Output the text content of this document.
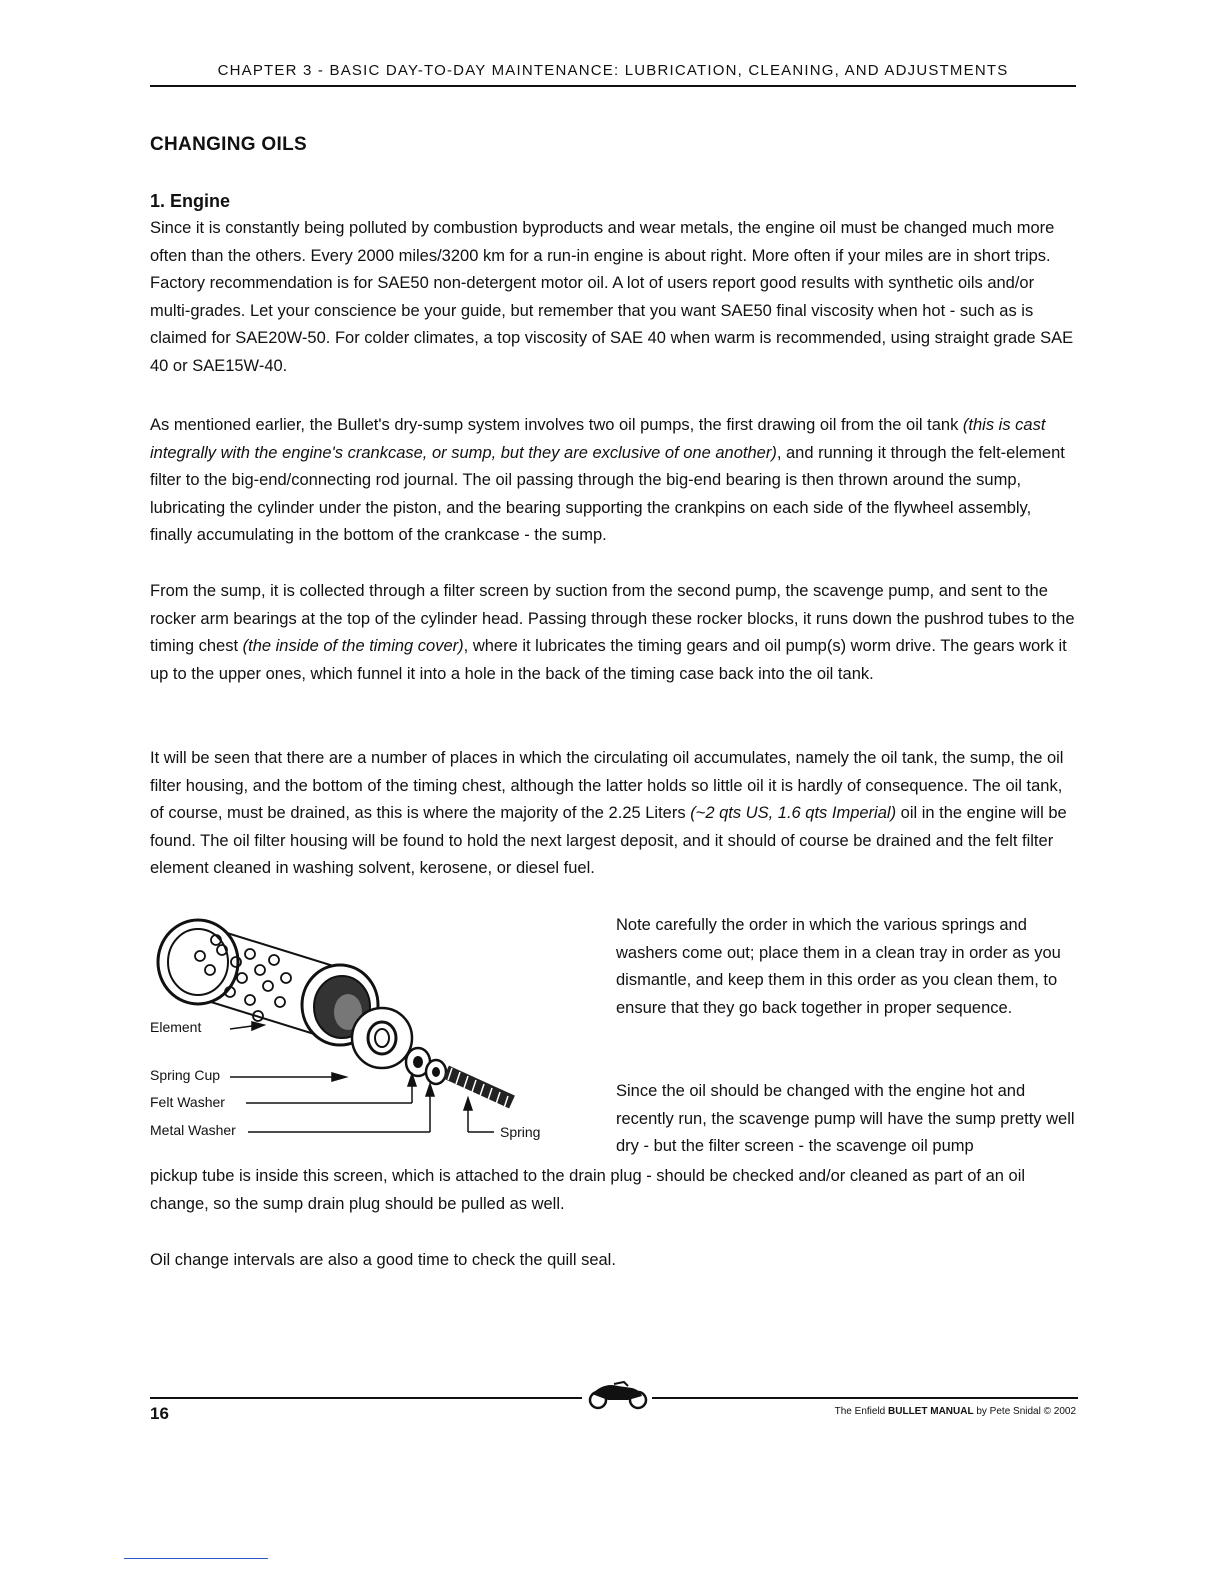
CHAPTER 3 - BASIC DAY-TO-DAY MAINTENANCE: LUBRICATION, CLEANING, AND ADJUSTMENTS
CHANGING OILS
1. Engine

Since it is constantly being polluted by combustion byproducts and wear metals, the engine oil must be changed much more often than the others. Every 2000 miles/3200 km for a run-in engine is about right. More often if your miles are in short trips. Factory recommendation is for SAE50 non-detergent motor oil. A lot of users report good results with synthetic oils and/or multi-grades. Let your conscience be your guide, but remember that you want SAE50 final viscosity when hot - such as is claimed for SAE20W-50. For colder climates, a top viscosity of SAE 40 when warm is recommended, using straight grade SAE 40 or SAE15W-40.

As mentioned earlier, the Bullet's dry-sump system involves two oil pumps, the first drawing oil from the oil tank (this is cast integrally with the engine's crankcase, or sump, but they are exclusive of one another), and running it through the felt-element filter to the big-end/connecting rod journal. The oil passing through the big-end bearing is then thrown around the sump, lubricating the cylinder under the piston, and the bearing supporting the crankpins on each side of the flywheel assembly, finally accumulating in the bottom of the crankcase - the sump.

From the sump, it is collected through a filter screen by suction from the second pump, the scavenge pump, and sent to the rocker arm bearings at the top of the cylinder head. Passing through these rocker blocks, it runs down the pushrod tubes to the timing chest (the inside of the timing cover), where it lubricates the timing gears and oil pump(s) worm drive. The gears work it up to the upper ones, which funnel it into a hole in the back of the timing case back into the oil tank.

It will be seen that there are a number of places in which the circulating oil accumulates, namely the oil tank, the sump, the oil filter housing, and the bottom of the timing chest, although the latter holds so little oil it is hardly of consequence. The oil tank, of course, must be drained, as this is where the majority of the 2.25 Liters (~2 qts US, 1.6 qts Imperial) oil in the engine will be found. The oil filter housing will be found to hold the next largest deposit, and it should of course be drained and the felt filter element cleaned in washing solvent, kerosene, or diesel fuel.

Element
Spring Cup
Felt Washer
Metal Washer	Spring

Note carefully the order in which the various springs and washers come out; place them in a clean tray in order as you dismantle, and keep them in this order as you clean them, to ensure that they go back together in proper sequence.

Since the oil should be changed with the engine hot and recently run, the scavenge pump will have the sump pretty well dry - but the filter screen - the scavenge oil pump

pickup tube is inside this screen, which is attached to the drain plug - should be checked and/or cleaned as part of an oil change, so the sump drain plug should be pulled as well.

Oil change intervals are also a good time to check the quill seal.

16	The Enfield BULLET MANUAL by Pete Snidal © 2002
